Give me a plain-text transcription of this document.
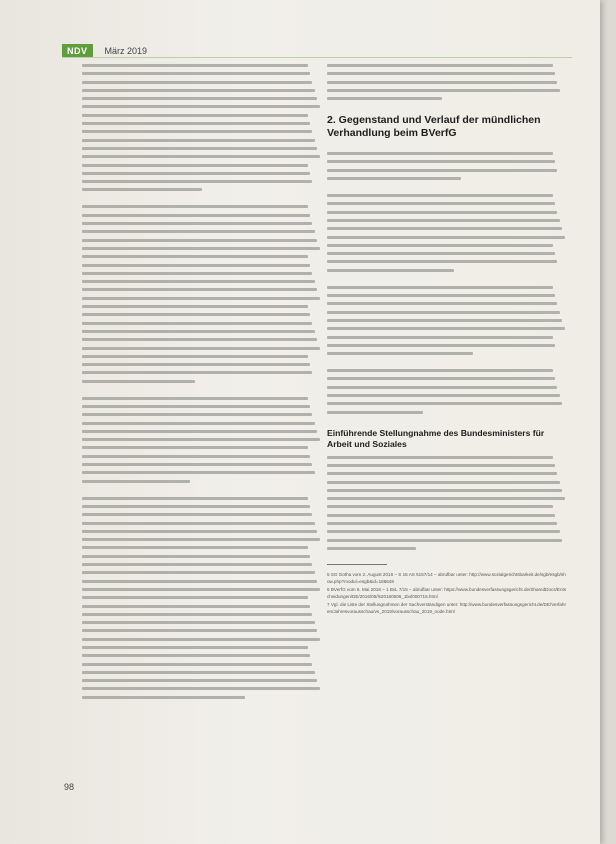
NDV	März 2019
2. Gegenstand und Verlauf der mündlichen Verhandlung beim BVerfG
Einführende Stellungnahme des Bundesministers für Arbeit und Soziales
5 SG Gotha vom 2. August 2016 – S 15 AS 5157/14 – abrufbar unter: http://www.sozialgerichtsbarkeit.de/sgb/esgb/show.php?modul=esgb&id=186648
6 BVerfG vom 6. Mai 2016 – 1 BvL 7/15 – abrufbar unter: https://www.bundesverfassungsgericht.de/SharedDocs/Entscheidungen/DE/2016/05/ls20160506_1bvl000715.html
7 Vgl. die Liste der Stellungnahmen der Sachverständigen unter: http://www.bundesverfassungsgericht.de/DE/Verfahren/Jahresvorausschau/vs_2019/vorausschau_2019_node.html
98
